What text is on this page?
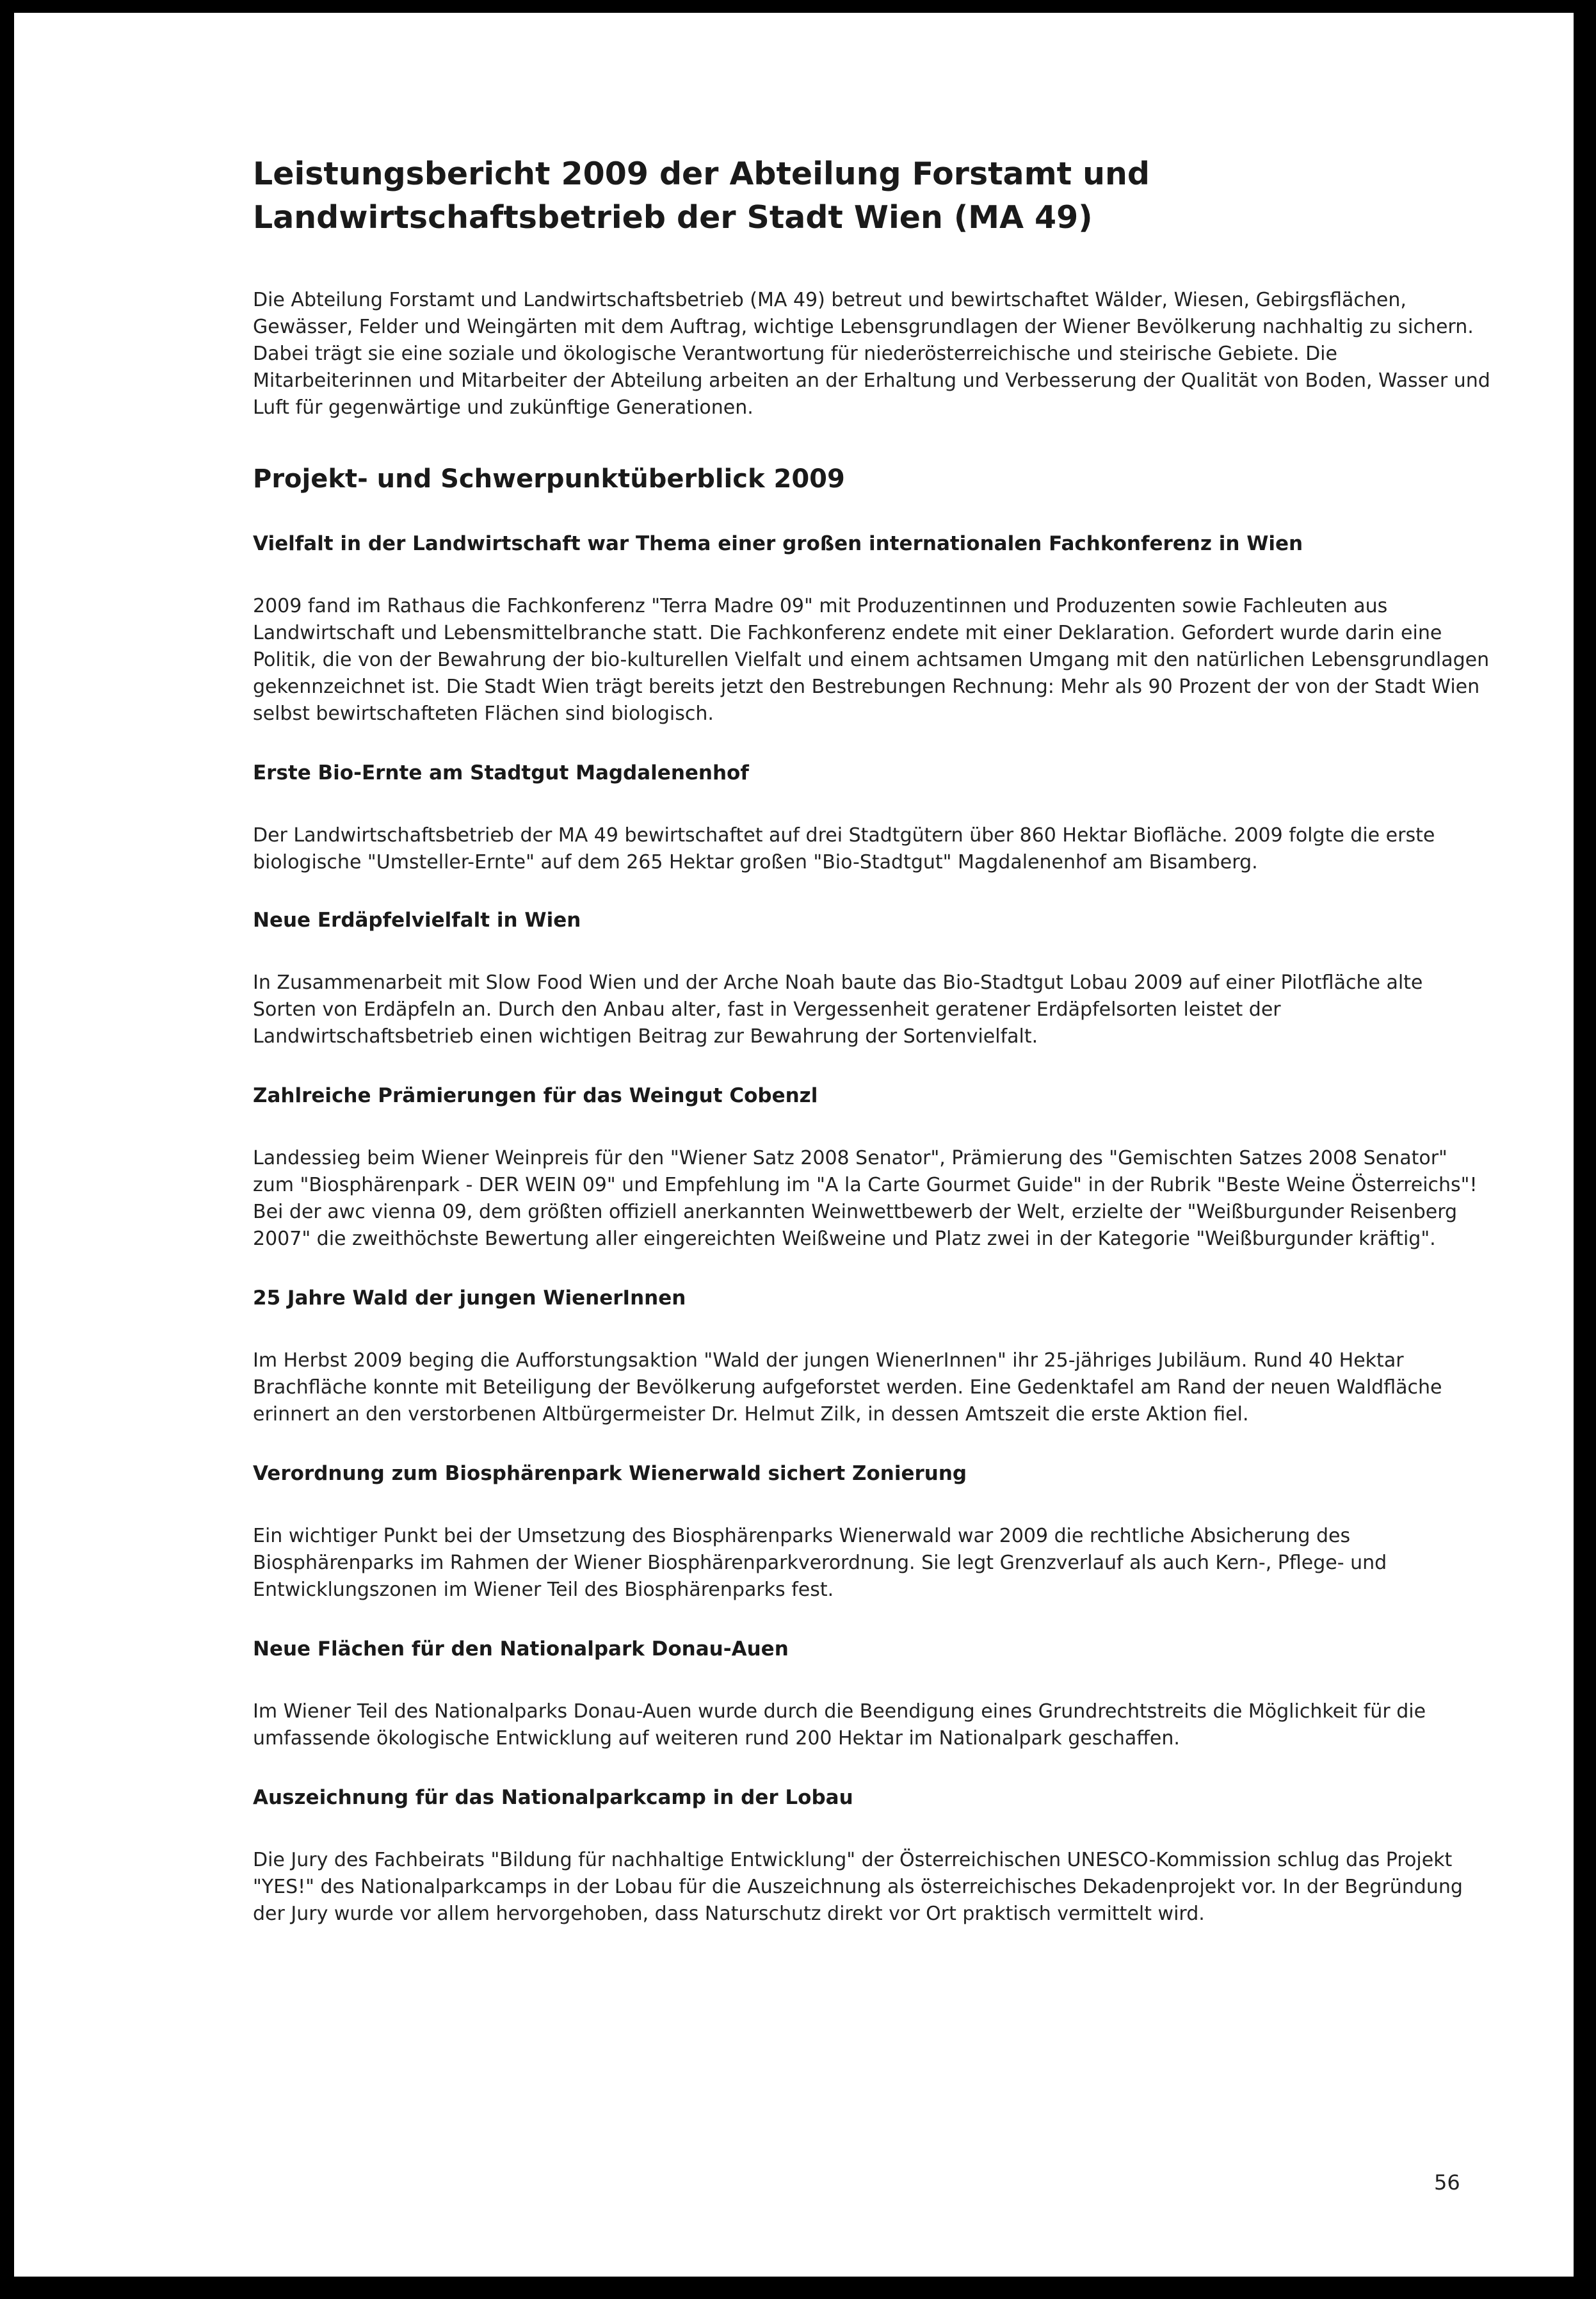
Leistungsbericht 2009 der Abteilung Forstamt und Landwirtschaftsbetrieb der Stadt Wien (MA 49)

Die Abteilung Forstamt und Landwirtschaftsbetrieb (MA 49) betreut und bewirtschaftet Wälder, Wiesen, Gebirgsflächen, Gewässer, Felder und Weingärten mit dem Auftrag, wichtige Lebensgrundlagen der Wiener Bevölkerung nachhaltig zu sichern. Dabei trägt sie eine soziale und ökologische Verantwortung für niederösterreichische und steirische Gebiete. Die Mitarbeiterinnen und Mitarbeiter der Abteilung arbeiten an der Erhaltung und Verbesserung der Qualität von Boden, Wasser und Luft für gegenwärtige und zukünftige Generationen.

Projekt- und Schwerpunktüberblick 2009
Vielfalt in der Landwirtschaft war Thema einer großen internationalen Fachkonferenz in Wien

2009 fand im Rathaus die Fachkonferenz "Terra Madre 09" mit Produzentinnen und Produzenten sowie Fachleuten aus Landwirtschaft und Lebensmittelbranche statt. Die Fachkonferenz endete mit einer Deklaration. Gefordert wurde darin eine Politik, die von der Bewahrung der bio-kulturellen Vielfalt und einem achtsamen Umgang mit den natürlichen Lebensgrundlagen gekennzeichnet ist. Die Stadt Wien trägt bereits jetzt den Bestrebungen Rechnung: Mehr als 90 Prozent der von der Stadt Wien selbst bewirtschafteten Flächen sind biologisch.

Erste Bio-Ernte am Stadtgut Magdalenenhof

Der Landwirtschaftsbetrieb der MA 49 bewirtschaftet auf drei Stadtgütern über 860 Hektar Biofläche. 2009 folgte die erste biologische "Umsteller-Ernte" auf dem 265 Hektar großen "Bio-Stadtgut" Magdalenenhof am Bisamberg.

Neue Erdäpfelvielfalt in Wien

In Zusammenarbeit mit Slow Food Wien und der Arche Noah baute das Bio-Stadtgut Lobau 2009 auf einer Pilotfläche alte Sorten von Erdäpfeln an. Durch den Anbau alter, fast in Vergessenheit geratener Erdäpfelsorten leistet der Landwirtschaftsbetrieb einen wichtigen Beitrag zur Bewahrung der Sortenvielfalt.

Zahlreiche Prämierungen für das Weingut Cobenzl

Landessieg beim Wiener Weinpreis für den "Wiener Satz 2008 Senator", Prämierung des "Gemischten Satzes 2008 Senator" zum "Biosphärenpark - DER WEIN 09" und Empfehlung im "A la Carte Gourmet Guide" in der Rubrik "Beste Weine Österreichs"! Bei der awc vienna 09, dem größten offiziell anerkannten Weinwettbewerb der Welt, erzielte der "Weißburgunder Reisenberg 2007" die zweithöchste Bewertung aller eingereichten Weißweine und Platz zwei in der Kategorie "Weißburgunder kräftig".

25 Jahre Wald der jungen WienerInnen

Im Herbst 2009 beging die Aufforstungsaktion "Wald der jungen WienerInnen" ihr 25-jähriges Jubiläum. Rund 40 Hektar Brachfläche konnte mit Beteiligung der Bevölkerung aufgeforstet werden. Eine Gedenktafel am Rand der neuen Waldfläche erinnert an den verstorbenen Altbürgermeister Dr. Helmut Zilk, in dessen Amtszeit die erste Aktion fiel.

Verordnung zum Biosphärenpark Wienerwald sichert Zonierung

Ein wichtiger Punkt bei der Umsetzung des Biosphärenparks Wienerwald war 2009 die rechtliche Absicherung des Biosphärenparks im Rahmen der Wiener Biosphärenparkverordnung. Sie legt Grenzverlauf als auch Kern-, Pflege- und Entwicklungszonen im Wiener Teil des Biosphärenparks fest.

Neue Flächen für den Nationalpark Donau-Auen

Im Wiener Teil des Nationalparks Donau-Auen wurde durch die Beendigung eines Grundrechtstreits die Möglichkeit für die umfassende ökologische Entwicklung auf weiteren rund 200 Hektar im Nationalpark geschaffen.

Auszeichnung für das Nationalparkcamp in der Lobau

Die Jury des Fachbeirats "Bildung für nachhaltige Entwicklung" der Österreichischen UNESCO-Kommission schlug das Projekt "YES!" des Nationalparkcamps in der Lobau für die Auszeichnung als österreichisches Dekadenprojekt vor. In der Begründung der Jury wurde vor allem hervorgehoben, dass Naturschutz direkt vor Ort praktisch vermittelt wird.

56
